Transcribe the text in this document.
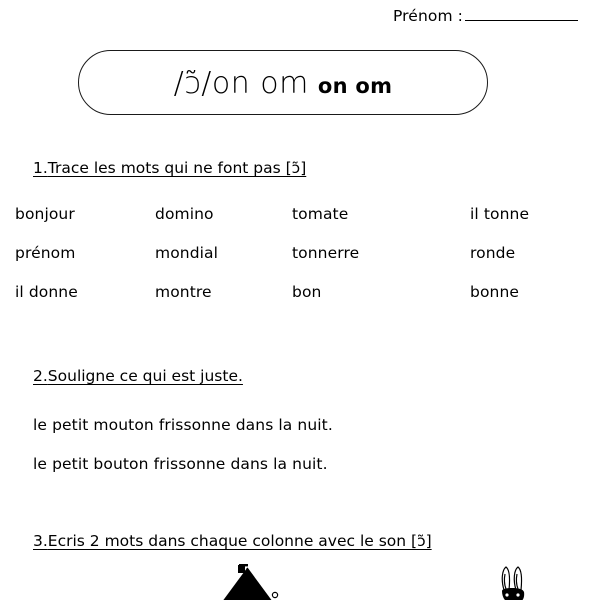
Prénom :
/ɔ̃/ on om on om
1. Trace les mots qui ne font pas [ɔ̃]
bonjour	domino	tomate	il tonne
prénom	mondial	tonnerre	ronde
il donne	montre	bon	bonne
2. Souligne ce qui est juste.
le petit mouton frissonne dans la nuit.
le petit bouton frissonne dans la nuit.
3. Ecris 2 mots dans chaque colonne avec le son [ɔ̃]
